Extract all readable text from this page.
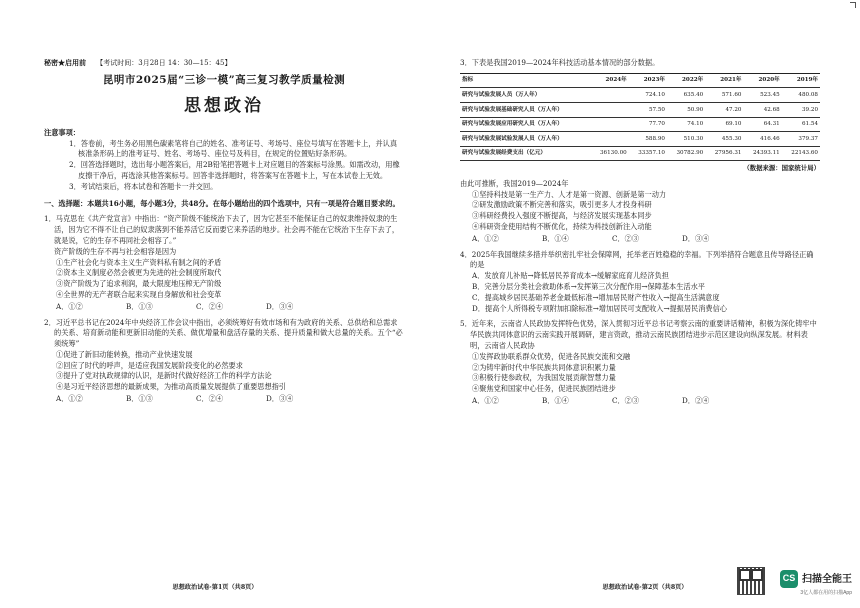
秘密★启用前 【考试时间：3月28日 14：30—15：45】
昆明市2025届“三诊一模”高三复习教学质量检测
思想政治
注意事项：

1．答卷前，考生务必用黑色碳素笔将自己的姓名、准考证号、考场号、座位号填写在答题卡上，并认真核准条形码上的准考证号、姓名、考场号、座位号及科目，在规定的位置贴好条形码。

2．回答选择题时，选出每小题答案后，用2B铅笔把答题卡上对应题目的答案标号涂黑。如需改动，用橡皮擦干净后，再选涂其他答案标号。回答非选择题时，将答案写在答题卡上，写在本试卷上无效。

3．考试结束后，将本试卷和答题卡一并交回。

一、选择题：本题共16小题，每小题3分，共48分。在每小题给出的四个选项中，只有一项是符合题目要求的。
1．马克思在《共产党宣言》中指出：“资产阶级不能统治下去了，因为它甚至不能保证自己的奴隶维持奴隶的生活，因为它不得不让自己的奴隶落到不能养活它反而要它来养活的地步。社会再不能在它统治下生存下去了，就是说，它的生存不再同社会相容了。”
资产阶级的生存不再与社会相容是因为
①生产社会化与资本主义生产资料私有制之间的矛盾
②资本主义制度必然会被更为先进的社会制度所取代
③资产阶级为了追求利润，最大限度地压榨无产阶级
④全世界的无产者联合起来实现自身解放和社会变革
A．①②	B．①③	C．②④	D．③④
2．习近平总书记在2024年中央经济工作会议中指出，必须统筹好有效市场和有为政府的关系、总供给和总需求的关系、培育新动能和更新旧动能的关系、做优增量和盘活存量的关系、提升质量和做大总量的关系。五个“必须统筹”
①促进了新旧动能转换，推动产业快速发展
②回应了时代的呼声，是适应我国发展阶段变化的必然要求
③提升了党对执政规律的认识，是新时代做好经济工作的科学方法论
④是习近平经济思想的最新成果，为推动高质量发展提供了重要思想指引
A．①②	B．①③	C．②④	D．③④
思想政治试卷·第1页（共8页）
3．下表是我国2019—2024年科技活动基本情况的部分数据。
指标	2024年	2023年	2022年	2021年	2020年	2019年
研究与试验发展人员（万人年）		724.10	635.40	571.60	523.45	480.08
研究与试验发展基础研究人员（万人年）		57.50	50.90	47.20	42.68	39.20
研究与试验发展应用研究人员（万人年）		77.70	74.10	69.10	64.31	61.54
研究与试验发展试验发展人员（万人年）		588.90	510.30	455.30	416.46	379.37
研究与试验发展经费支出（亿元）	36130.00	33357.10	30782.90	27956.31	24393.11	22143.60
（数据来源：国家统计局）
由此可推断，我国2019—2024年
①坚持科技是第一生产力、人才是第一资源、创新是第一动力
②研发激励政策不断完善和落实，吸引更多人才投身科研
③科研经费投入强度不断提高，与经济发展实现基本同步
④科研资金使用结构不断优化，持续为科技创新注入动能
A．①②	B．①④	C．②③	D．③④
4．2025年我国继续多措并举织密扎牢社会保障网，托举老百姓稳稳的幸福。下列举措符合题意且传导路径正确的是
A．发放育儿补贴→降低居民养育成本→缓解家庭育儿经济负担
B．完善分层分类社会救助体系→发挥第三次分配作用→保障基本生活水平
C．提高城乡居民基础养老金最低标准→增加居民财产性收入→提高生活满意度
D．提高个人所得税专项附加扣除标准→增加居民可支配收入→提振居民消费信心
5．近年来，云南省人民政协发挥特色优势，深入贯彻习近平总书记考察云南的重要讲话精神，积极为深化铸牢中华民族共同体意识的云南实践开展调研，建言资政，推动云南民族团结进步示范区建设向纵深发展。材料表明，云南省人民政协
①发挥政协联系群众优势，促进各民族交流和交融
②为铸牢新时代中华民族共同体意识积累力量
③积极行使参政权，为我国发展贡献智慧力量
④聚焦党和国家中心任务，促进民族团结进步
A．①②	B．①④	C．②③	D．②④
思想政治试卷·第2页（共8页）
CS 扫描全能王
3亿人都在用的扫描App
